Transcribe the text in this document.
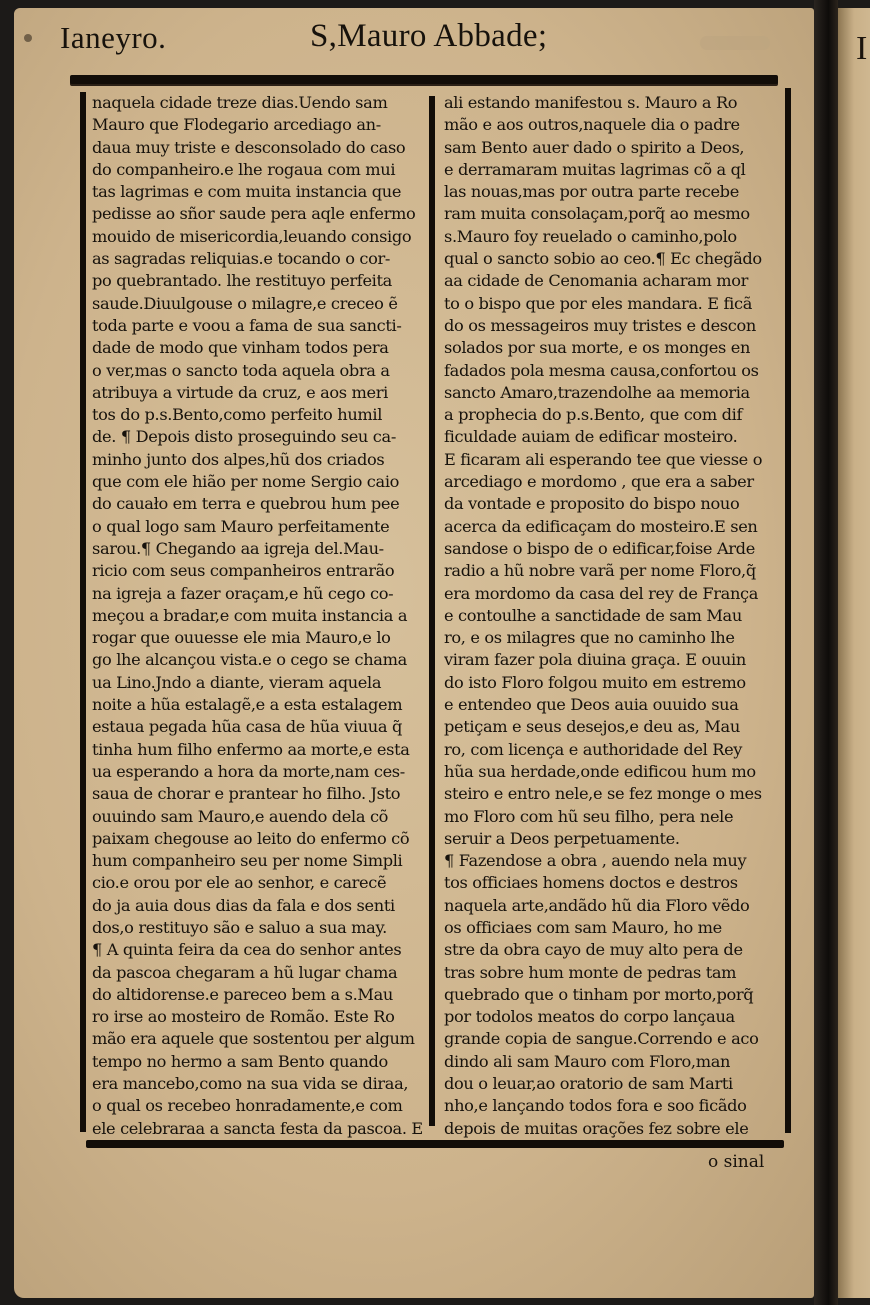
I
Ianeyro.	S,Mauro Abbade;
naquela cidade treze dias.Uendo sam
Mauro que Flodegario arcediago an-
daua muy triste e desconsolado do caso
do companheiro.e lhe rogaua com mui
tas lagrimas e com muita instancia que
pedisse ao sñor saude pera aqle enfermo
mouido de misericordia,leuando consigo
as sagradas reliquias.e tocando o cor-
po quebrantado. lhe restituyo perfeita
saude.Diuulgouse o milagre,e creceo ẽ
toda parte e voou a fama de sua sancti-
dade de modo que vinham todos pera
o ver,mas o sancto toda aquela obra a
atribuya a virtude da cruz, e aos meri
tos do p.s.Bento,como perfeito humil
de. ¶ Depois disto proseguindo seu ca-
minho junto dos alpes,hũ dos criados
que com ele hião per nome Sergio caio
do cauało em terra e quebrou hum pee
o qual logo sam Mauro perfeitamente
sarou.¶ Chegando aa igreja del.Mau-
ricio com seus companheiros entrarão
na igreja a fazer oraçam,e hũ cego co-
meçou a bradar,e com muita instancia a
rogar que ouuesse ele mia Mauro,e lo
go lhe alcançou vista.e o cego se chama
ua Lino.Jndo a diante, vieram aquela
noite a hũa estalagẽ,e a esta estalagem
estaua pegada hũa casa de hũa viuua q̃
tinha hum filho enfermo aa morte,e esta
ua esperando a hora da morte,nam ces-
saua de chorar e prantear ho filho. Jsto
ouuindo sam Mauro,e auendo dela cõ
paixam chegouse ao leito do enfermo cõ
hum companheiro seu per nome Simpli
cio.e orou por ele ao senhor, e carecẽ
do ja auia dous dias da fala e dos senti
dos,o restituyo são e saluo a sua may.
¶ A quinta feira da cea do senhor antes
da pascoa chegaram a hũ lugar chama
do altidorense.e pareceo bem a s.Mau
ro irse ao mosteiro de Romão. Este Ro
mão era aquele que sostentou per algum
tempo no hermo a sam Bento quando
era mancebo,como na sua vida se diraa,
o qual os recebeo honradamente,e com
ele celebraraa a sancta festa da pascoa. E
ali estando manifestou s. Mauro a Ro
mão e aos outros,naquele dia o padre
sam Bento auer dado o spirito a Deos,
e derramaram muitas lagrimas cõ a ql
las nouas,mas por outra parte recebe
ram muita consolaçam,porq̃ ao mesmo
s.Mauro foy reuelado o caminho,polo
qual o sancto sobio ao ceo.¶ Ec chegãdo
aa cidade de Cenomania acharam mor
to o bispo que por eles mandara. E ficã
do os messageiros muy tristes e descon
solados por sua morte, e os monges en
fadados pola mesma causa,confortou os
sancto Amaro,trazendolhe aa memoria
a prophecia do p.s.Bento, que com dif
ficuldade auiam de edificar mosteiro.
E ficaram ali esperando tee que viesse o
arcediago e mordomo , que era a saber
da vontade e proposito do bispo nouo
acerca da edificaçam do mosteiro.E sen
sandose o bispo de o edificar,foise Arde
radio a hũ nobre varã per nome Floro,q̃
era mordomo da casa del rey de França
e contoulhe a sanctidade de sam Mau
ro, e os milagres que no caminho lhe
viram fazer pola diuina graça. E ouuin
do isto Floro folgou muito em estremo
e entendeo que Deos auia ouuido sua
petiçam e seus desejos,e deu as, Mau
ro, com licença e authoridade del Rey
hũa sua herdade,onde edificou hum mo
steiro e entro nele,e se fez monge o mes
mo Floro com hũ seu filho, pera nele
seruir a Deos perpetuamente.
¶ Fazendose a obra , auendo nela muy
tos officiaes homens doctos e destros
naquela arte,andãdo hũ dia Floro vẽdo
os officiaes com sam Mauro, ho me
stre da obra cayo de muy alto pera de
tras sobre hum monte de pedras tam
quebrado que o tinham por morto,porq̃
por todolos meatos do corpo lançaua
grande copia de sangue.Correndo e aco
dindo ali sam Mauro com Floro,man
dou o leuar,ao oratorio de sam Marti
nho,e lançando todos fora e soo ficãdo
depois de muitas orações fez sobre ele
o sinal
